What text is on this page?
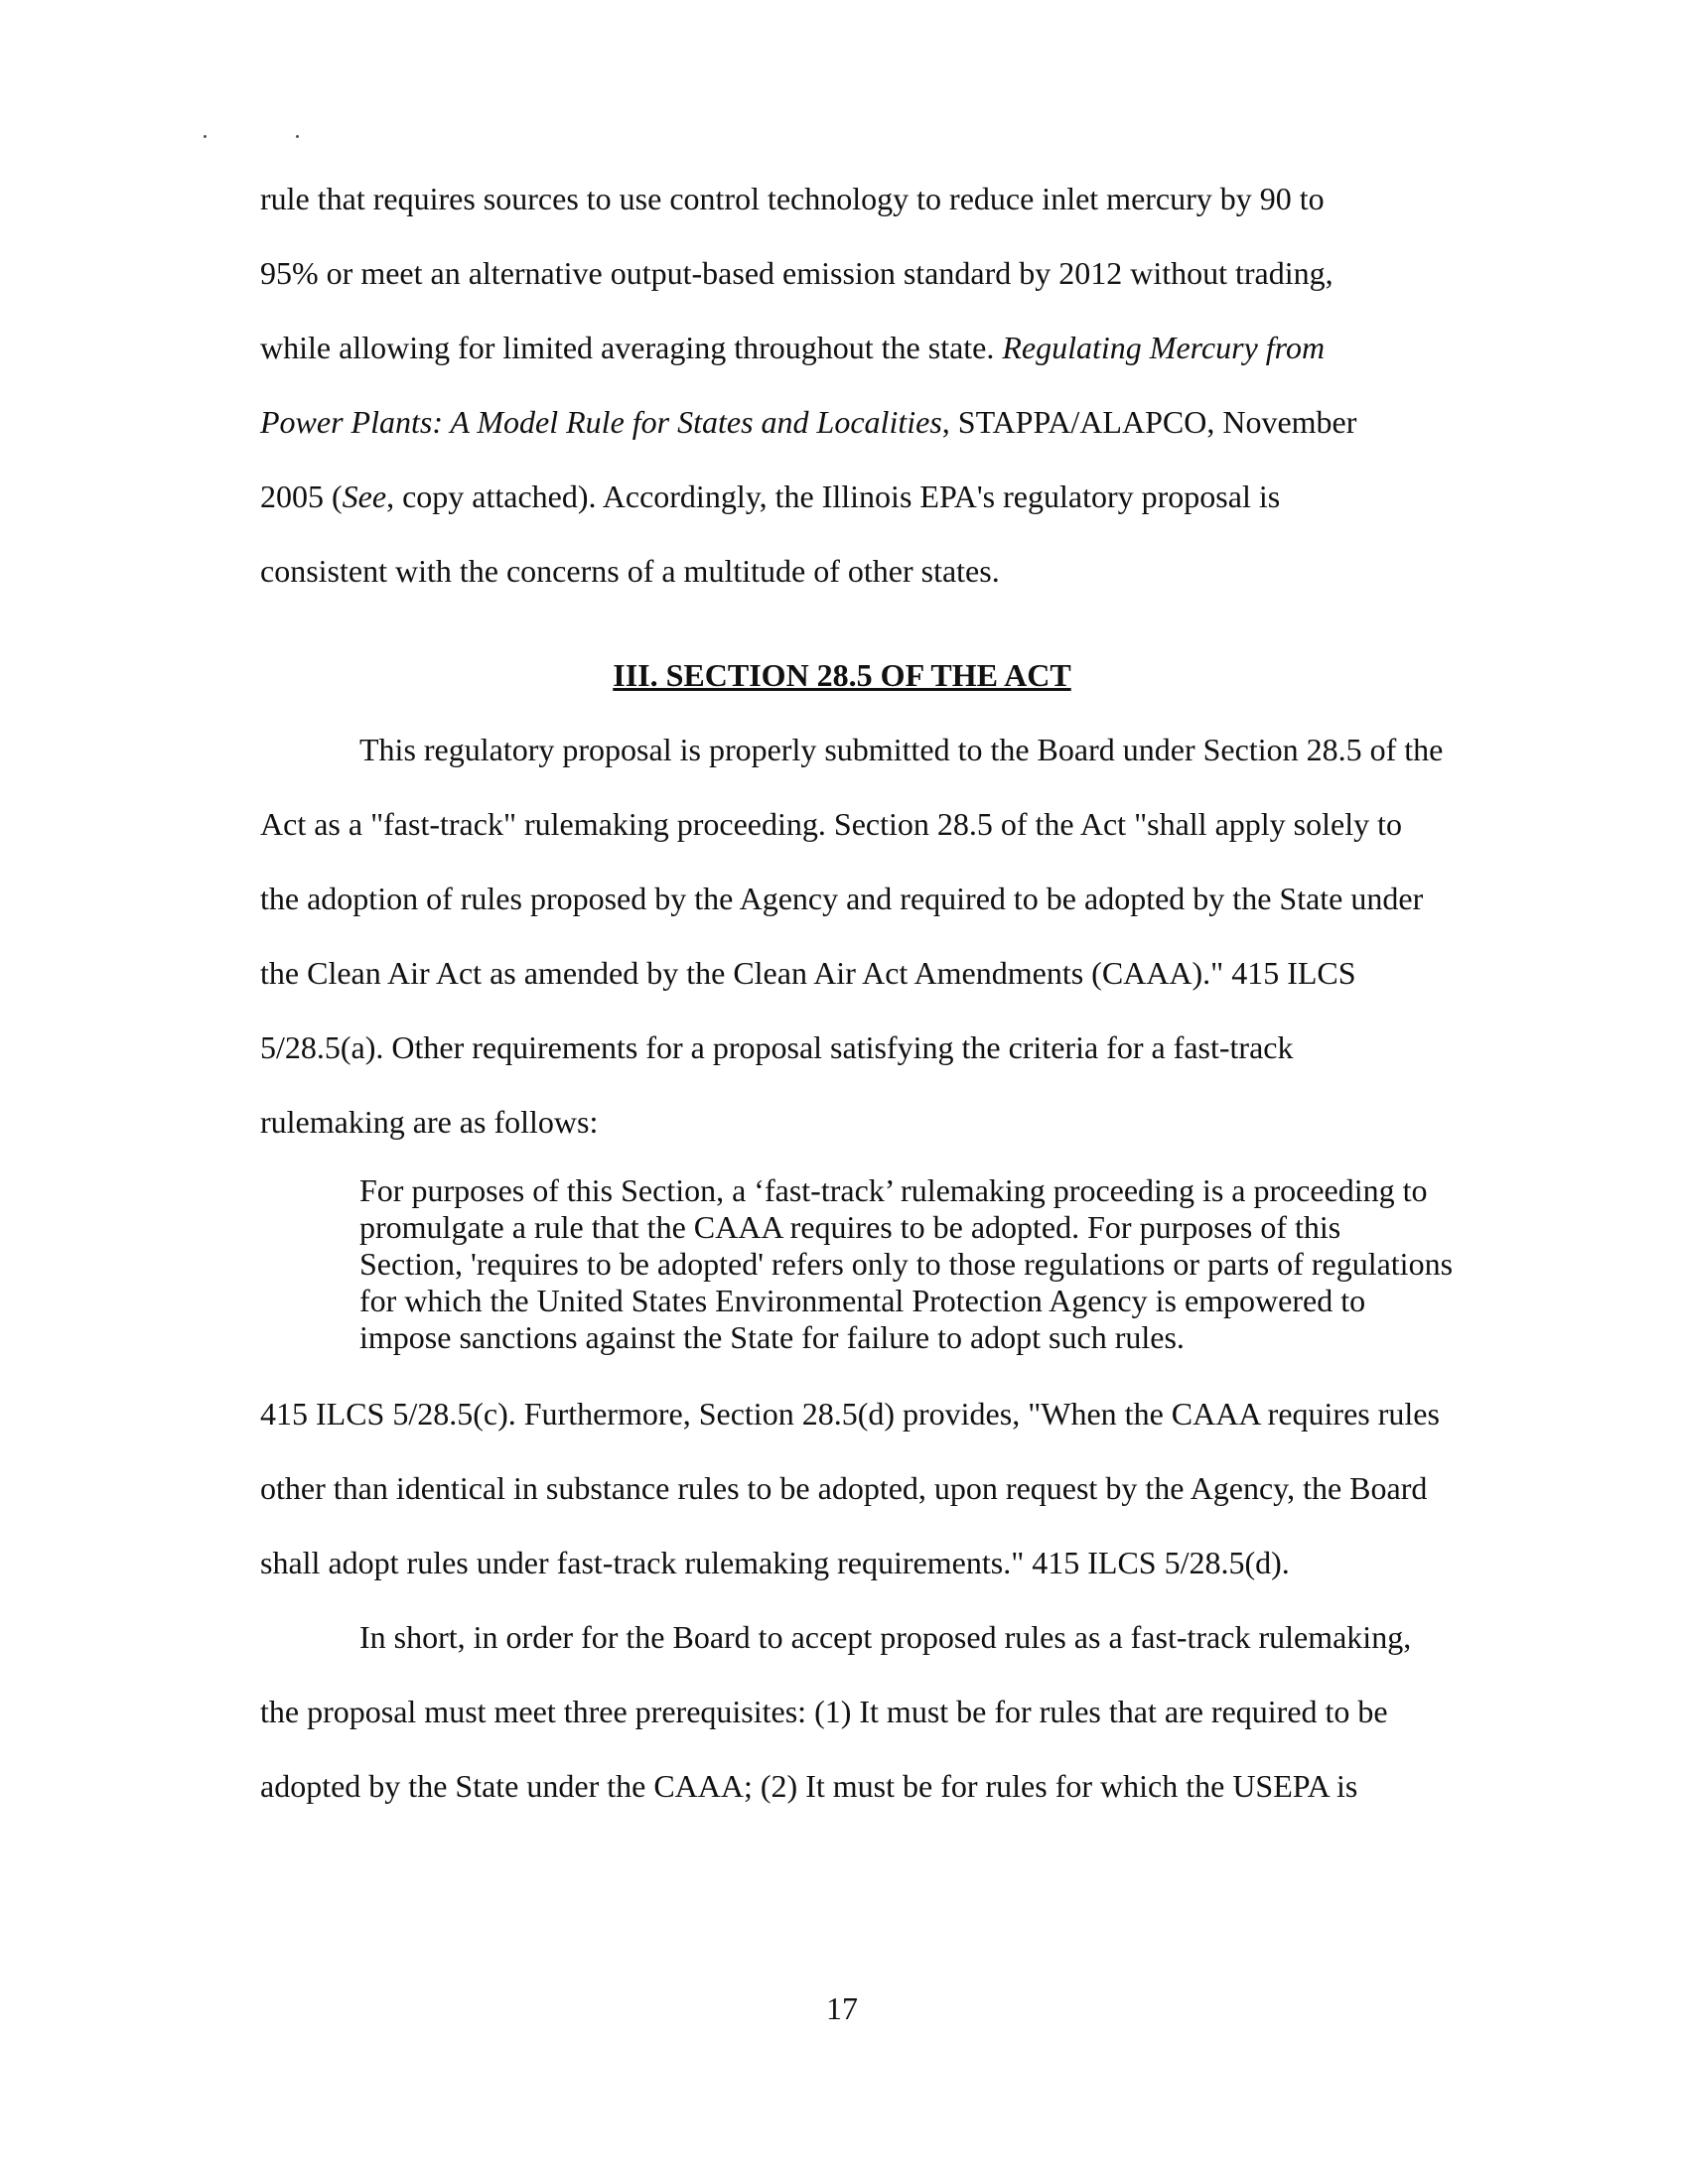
rule that requires sources to use control technology to reduce inlet mercury by 90 to
95% or meet an alternative output-based emission standard by 2012 without trading,
while allowing for limited averaging throughout the state. Regulating Mercury from
Power Plants: A Model Rule for States and Localities, STAPPA/ALAPCO, November
2005 (See, copy attached). Accordingly, the Illinois EPA's regulatory proposal is
consistent with the concerns of a multitude of other states.
III. SECTION 28.5 OF THE ACT
This regulatory proposal is properly submitted to the Board under Section 28.5 of the
Act as a "fast-track" rulemaking proceeding. Section 28.5 of the Act "shall apply solely to
the adoption of rules proposed by the Agency and required to be adopted by the State under
the Clean Air Act as amended by the Clean Air Act Amendments (CAAA)." 415 ILCS
5/28.5(a). Other requirements for a proposal satisfying the criteria for a fast-track
rulemaking are as follows:
For purposes of this Section, a ‘fast-track’ rulemaking proceeding is a proceeding to
promulgate a rule that the CAAA requires to be adopted. For purposes of this
Section, 'requires to be adopted' refers only to those regulations or parts of regulations
for which the United States Environmental Protection Agency is empowered to
impose sanctions against the State for failure to adopt such rules.
415 ILCS 5/28.5(c). Furthermore, Section 28.5(d) provides, "When the CAAA requires rules
other than identical in substance rules to be adopted, upon request by the Agency, the Board
shall adopt rules under fast-track rulemaking requirements." 415 ILCS 5/28.5(d).
In short, in order for the Board to accept proposed rules as a fast-track rulemaking,
the proposal must meet three prerequisites: (1) It must be for rules that are required to be
adopted by the State under the CAAA; (2) It must be for rules for which the USEPA is
17
